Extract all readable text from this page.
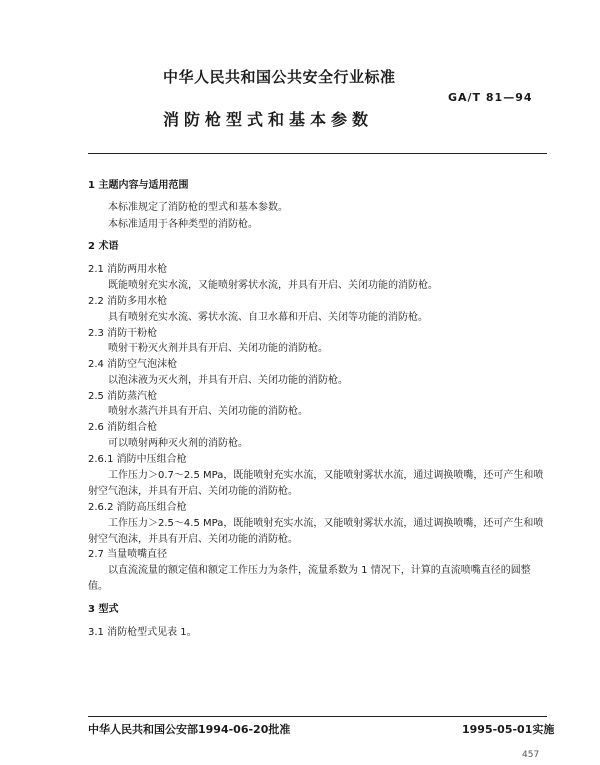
中华人民共和国公共安全行业标准
GA/T 81—94
消防枪型式和基本参数
1 主题内容与适用范围
本标准规定了消防枪的型式和基本参数。
本标准适用于各种类型的消防枪。
2 术语
2.1 消防两用水枪
既能喷射充实水流，又能喷射雾状水流，并具有开启、关闭功能的消防枪。
2.2 消防多用水枪
具有喷射充实水流、雾状水流、自卫水幕和开启、关闭等功能的消防枪。
2.3 消防干粉枪
喷射干粉灭火剂并具有开启、关闭功能的消防枪。
2.4 消防空气泡沫枪
以泡沫液为灭火剂，并具有开启、关闭功能的消防枪。
2.5 消防蒸汽枪
喷射水蒸汽并具有开启、关闭功能的消防枪。
2.6 消防组合枪
可以喷射两种灭火剂的消防枪。
2.6.1 消防中压组合枪
工作压力＞0.7～2.5 MPa，既能喷射充实水流，又能喷射雾状水流，通过调换喷嘴，还可产生和喷
射空气泡沫，并具有开启、关闭功能的消防枪。
2.6.2 消防高压组合枪
工作压力＞2.5～4.5 MPa，既能喷射充实水流，又能喷射雾状水流，通过调换喷嘴，还可产生和喷
射空气泡沫，并具有开启、关闭功能的消防枪。
2.7 当量喷嘴直径
以直流流量的额定值和额定工作压力为条件，流量系数为 1 情况下，计算的直流喷嘴直径的圆整
值。
3 型式
3.1 消防枪型式见表 1。
中华人民共和国公安部1994-06-20批准	1995-05-01实施
457
